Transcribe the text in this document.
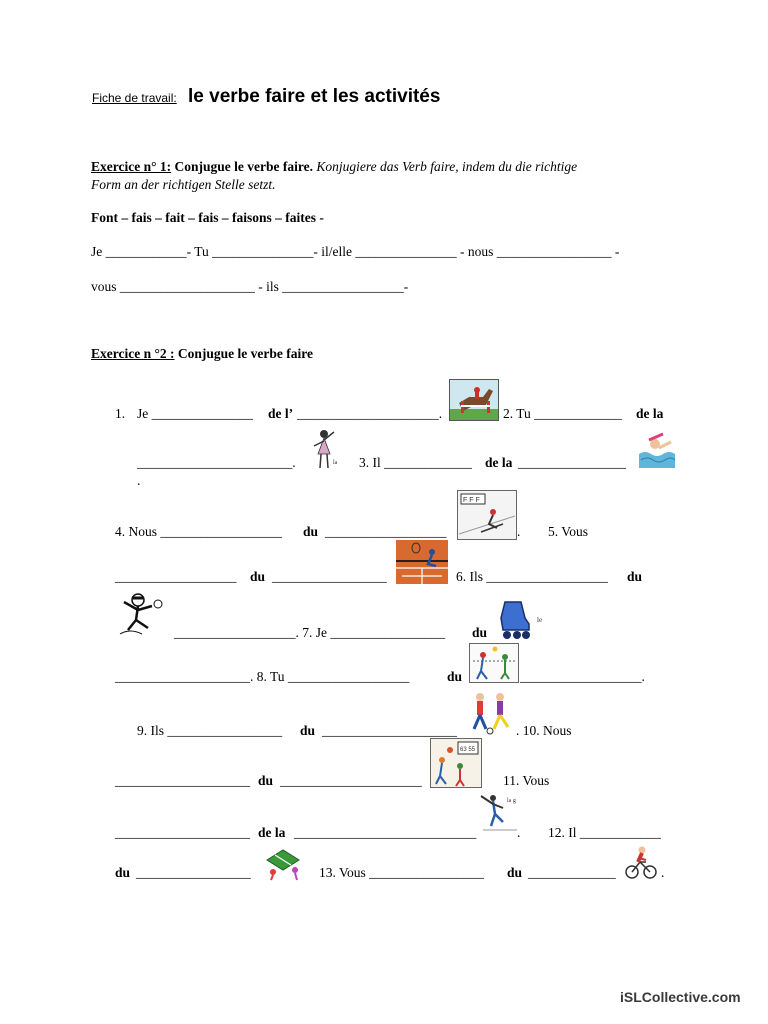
Fiche de travail: le verbe faire et les activités
Exercice n° 1: Conjugue le verbe faire. Konjugiere das Verb faire, indem du die richtige
Form an der richtigen Stelle setzt.
Font – fais – fait – fais – faisons – faites -
Je ____________- Tu _______________- il/elle _______________ - nous _________________ -
vous ____________________ - ils __________________-
Exercice n °2 : Conjugue le verbe faire
1. Je _______________ de l’ _____________________.	2. Tu _____________ de la
_______________________.	3. Il _____________ de la ________________
.
4. Nous __________________ du __________________	. 5. Vous
__________________ du _________________	6. Ils __________________ du
__________________. 7. Je _________________ du
____________________. 8. Tu __________________	du	__________________.
9. Ils _________________ du ____________________	. 10. Nous
____________________ du _____________________	11. Vous
____________________ de la ___________________________	. 12. Il ____________
du _________________	13. Vous _________________ du _____________	.
la
F F F
le
63 55
la g
iSLCollective.com
